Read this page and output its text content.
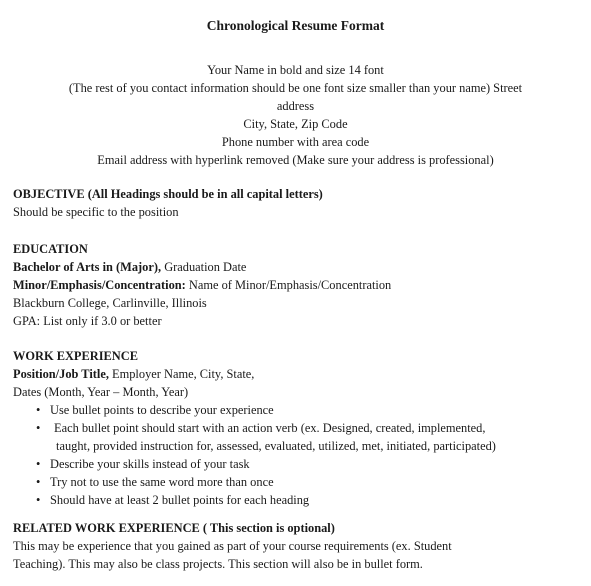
Chronological Resume Format
Your Name in bold and size 14 font
(The rest of you contact information should be one font size smaller than your name) Street
address
City, State, Zip Code
Phone number with area code
Email address with hyperlink removed (Make sure your address is professional)
OBJECTIVE (All Headings should be in all capital letters)
Should be specific to the position
EDUCATION
Bachelor of Arts in (Major), Graduation Date
Minor/Emphasis/Concentration: Name of Minor/Emphasis/Concentration
Blackburn College, Carlinville, Illinois
GPA: List only if 3.0 or better
WORK EXPERIENCE
Position/Job Title, Employer Name, City, State,
Dates (Month, Year – Month, Year)
• Use bullet points to describe your experience
• Each bullet point should start with an action verb (ex. Designed, created, implemented,
taught, provided instruction for, assessed, evaluated, utilized, met, initiated, participated)
• Describe your skills instead of your task
• Try not to use the same word more than once
• Should have at least 2 bullet points for each heading
RELATED WORK EXPERIENCE ( This section is optional)
This may be experience that you gained as part of your course requirements (ex. Student
Teaching). This may also be class projects. This section will also be in bullet form.
